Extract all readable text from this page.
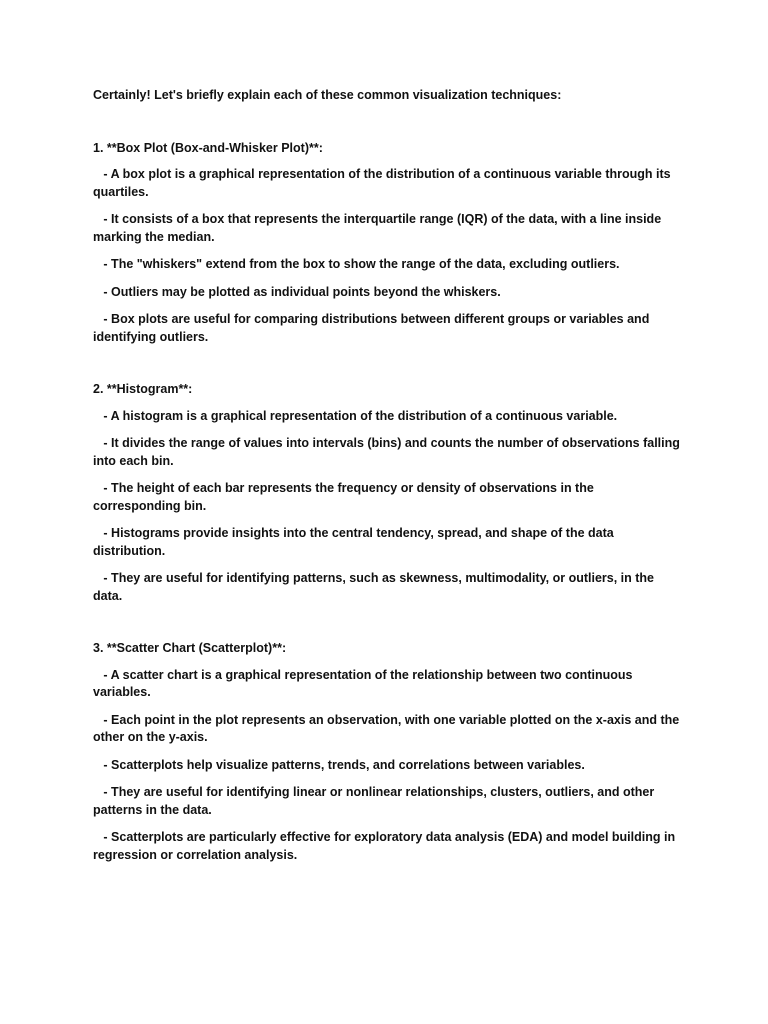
Certainly! Let's briefly explain each of these common visualization techniques:

1. **Box Plot (Box-and-Whisker Plot)**:

- A box plot is a graphical representation of the distribution of a continuous variable through its quartiles.

- It consists of a box that represents the interquartile range (IQR) of the data, with a line inside marking the median.

- The "whiskers" extend from the box to show the range of the data, excluding outliers.

- Outliers may be plotted as individual points beyond the whiskers.

- Box plots are useful for comparing distributions between different groups or variables and identifying outliers.

2. **Histogram**:

- A histogram is a graphical representation of the distribution of a continuous variable.

- It divides the range of values into intervals (bins) and counts the number of observations falling into each bin.

- The height of each bar represents the frequency or density of observations in the corresponding bin.

- Histograms provide insights into the central tendency, spread, and shape of the data distribution.

- They are useful for identifying patterns, such as skewness, multimodality, or outliers, in the data.

3. **Scatter Chart (Scatterplot)**:

- A scatter chart is a graphical representation of the relationship between two continuous variables.

- Each point in the plot represents an observation, with one variable plotted on the x-axis and the other on the y-axis.

- Scatterplots help visualize patterns, trends, and correlations between variables.

- They are useful for identifying linear or nonlinear relationships, clusters, outliers, and other patterns in the data.

- Scatterplots are particularly effective for exploratory data analysis (EDA) and model building in regression or correlation analysis.
